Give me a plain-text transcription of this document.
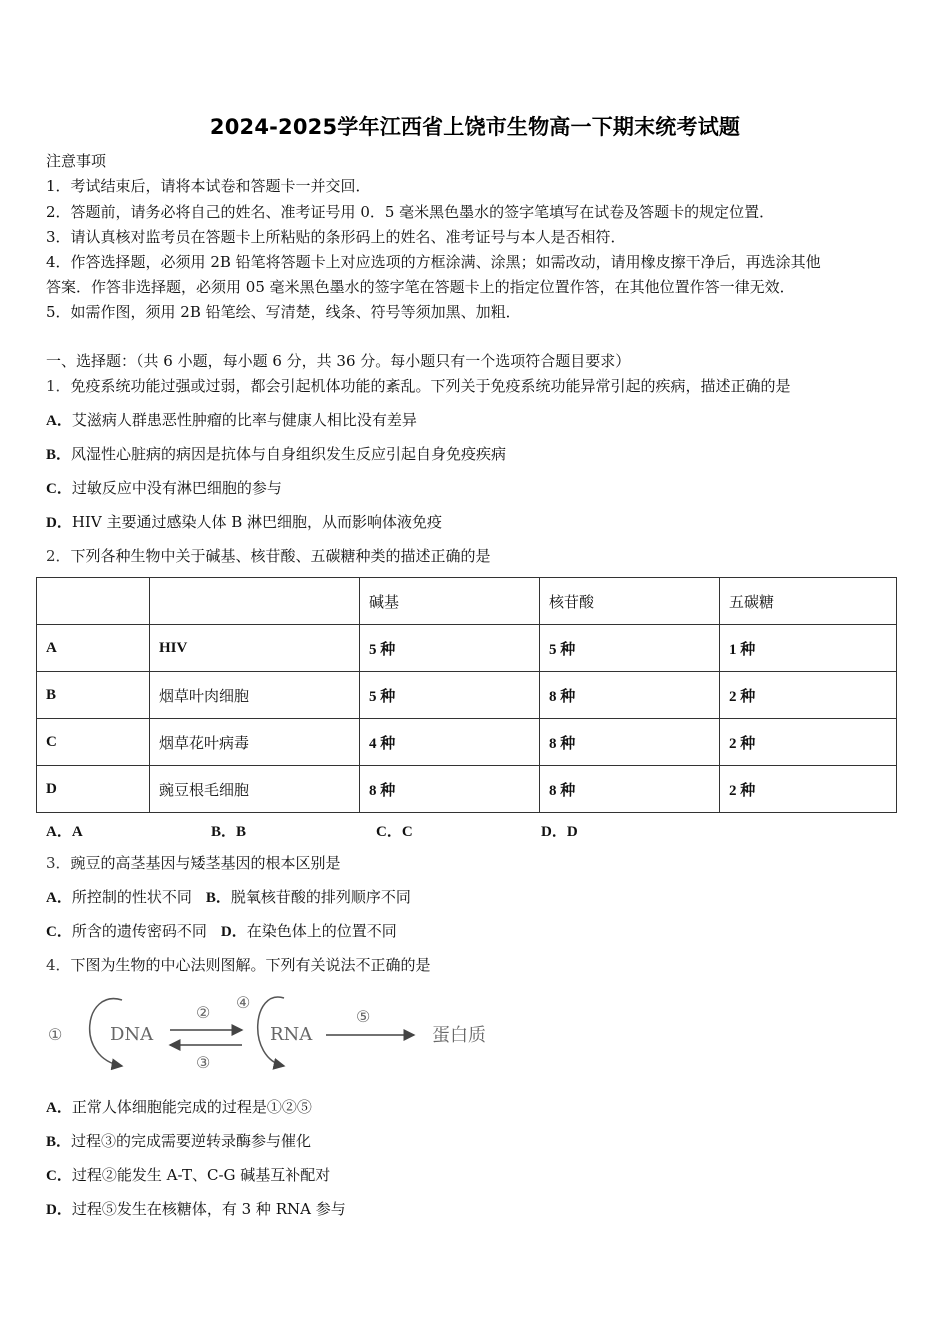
2024-2025学年江西省上饶市生物高一下期末统考试题
注意事项
1．考试结束后，请将本试卷和答题卡一并交回．
2．答题前，请务必将自己的姓名、准考证号用 0．5 毫米黑色墨水的签字笔填写在试卷及答题卡的规定位置．
3．请认真核对监考员在答题卡上所粘贴的条形码上的姓名、准考证号与本人是否相符．
4．作答选择题，必须用 2B 铅笔将答题卡上对应选项的方框涂满、涂黑；如需改动，请用橡皮擦干净后，再选涂其他
答案．作答非选择题，必须用 05 毫米黑色墨水的签字笔在答题卡上的指定位置作答，在其他位置作答一律无效．
5．如需作图，须用 2B 铅笔绘、写清楚，线条、符号等须加黑、加粗．
一、选择题：（共 6 小题，每小题 6 分，共 36 分。每小题只有一个选项符合题目要求）
1．免疫系统功能过强或过弱，都会引起机体功能的紊乱。下列关于免疫系统功能异常引起的疾病，描述正确的是
A．艾滋病人群患恶性肿瘤的比率与健康人相比没有差异
B．风湿性心脏病的病因是抗体与自身组织发生反应引起自身免疫疾病
C．过敏反应中没有淋巴细胞的参与
D．HIV 主要通过感染人体 B 淋巴细胞，从而影响体液免疫
2．下列各种生物中关于碱基、核苷酸、五碳糖种类的描述正确的是
		碱基	核苷酸	五碳糖
A	HIV	5 种	5 种	1 种
B	烟草叶肉细胞	5 种	8 种	2 种
C	烟草花叶病毒	4 种	8 种	2 种
D	豌豆根毛细胞	8 种	8 种	2 种
A．A	B．B	C．C	D．D
3．豌豆的高茎基因与矮茎基因的根本区别是
A．所控制的性状不同 B．脱氧核苷酸的排列顺序不同
C．所含的遗传密码不同 D．在染色体上的位置不同
4．下图为生物的中心法则图解。下列有关说法不正确的是
①	DNA
②
③
④
RNA
⑤
蛋白质
A．正常人体细胞能完成的过程是①②⑤
B．过程③的完成需要逆转录酶参与催化
C．过程②能发生 A-T、C-G 碱基互补配对
D．过程⑤发生在核糖体，有 3 种 RNA 参与
